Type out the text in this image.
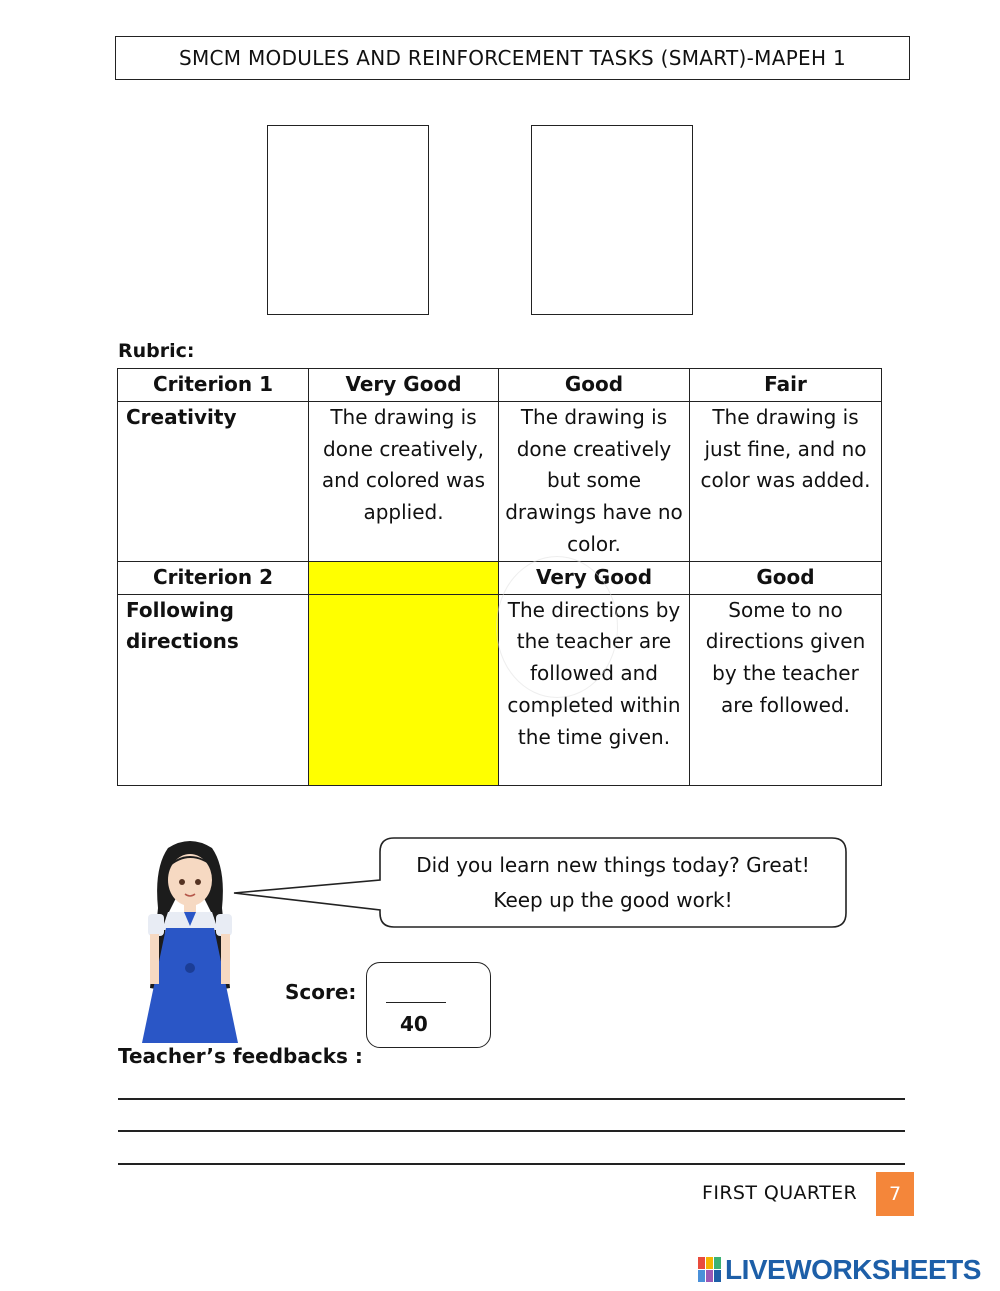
SMCM MODULES AND REINFORCEMENT TASKS (SMART)-MAPEH 1
Rubric:
Criterion 1	Very Good	Good	Fair
Creativity	The drawing is done creatively, and colored was applied.	The drawing is done creatively but some drawings have no color.	The drawing is just fine, and no color was added.
Criterion 2		Very Good	Good
Following directions		The directions by the teacher are followed and completed within the time given.	Some to no directions given by the teacher are followed.
Did you learn new things today? Great!
Keep up the good work!
Score:
40
Teacher’s feedbacks :
FIRST QUARTER	7
LIVEWORKSHEETS
